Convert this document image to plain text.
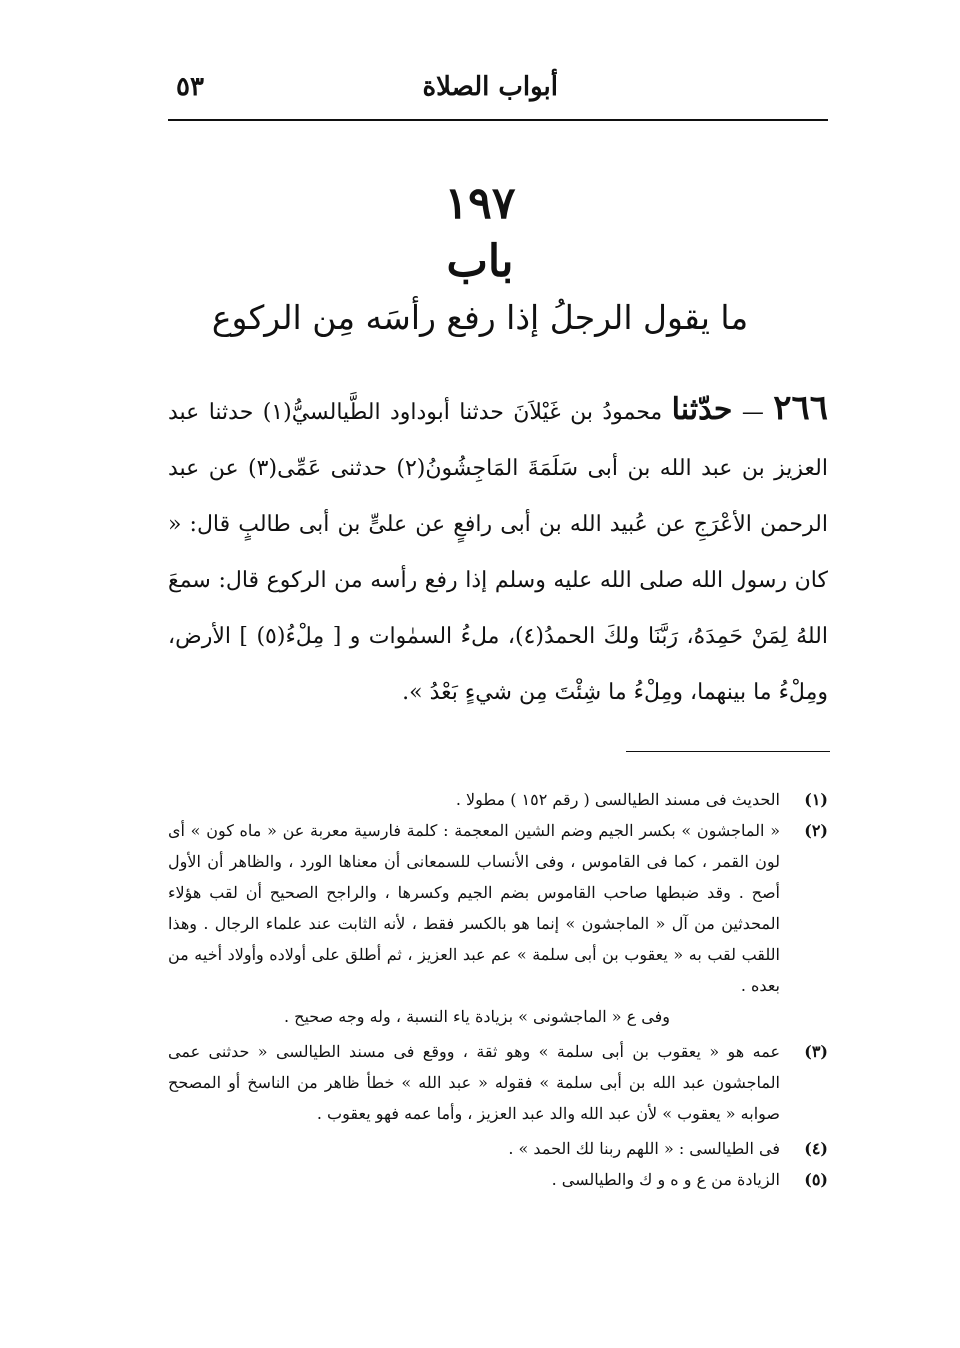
أبواب الصلاة
٥٣
١٩٧
باب
ما يقول الرجلُ إذا رفع رأسَه مِن الركوع
٢٦٦ — حدّثنا محمودُ بن غَيْلاَنَ حدثنا أبوداود الطَّيالسيُّ(١) حدثنا عبد العزيز بن عبد الله بن أبى سَلَمَةَ المَاجِشُونُ(٢) حدثنى عَمِّى(٣) عن عبد الرحمن الأعْرَجِ عن عُبيد الله بن أبى رافعٍ عن علىٍّ بن أبى طالبٍ قال: « كان رسول الله صلى الله عليه وسلم إذا رفع رأسه من الركوع قال: سمعَ اللهُ لِمَنْ حَمِدَهُ، رَبَّنَا ولكَ الحمدُ(٤)، ملءُ السمٰوات و [ مِلْءُ(٥) ] الأرض، ومِلْءُ ما بينهما، ومِلْءُ ما شِئْتَ مِن شيءٍ بَعْدُ ».
(١)
الحديث فى مسند الطيالسى ( رقم ١٥٢ ) مطولا .
(٢)
« الماجشون » بكسر الجيم وضم الشين المعجمة : كلمة فارسية معربة عن « ماه كون » أى لون القمر ، كما فى القاموس ، وفى الأنساب للسمعانى أن معناها الورد ، والظاهر أن الأول أصح . وقد ضبطها صاحب القاموس بضم الجيم وكسرها ، والراجح الصحيح أن لقب هؤلاء المحدثين من آل « الماجشون » إنما هو بالكسر فقط ، لأنه الثابت عند علماء الرجال . وهذا اللقب لقب به « يعقوب بن أبى سلمة » عم عبد العزيز ، ثم أطلق على أولاده وأولاد أخيه من بعده .
وفى ع « الماجشونى » بزيادة ياء النسبة ، وله وجه صحيح .
(٣)
عمه هو « يعقوب بن أبى سلمة » وهو ثقة ، ووقع فى مسند الطيالسى « حدثنى عمى الماجشون عبد الله بن أبى سلمة » فقوله « عبد الله » خطأ ظاهر من الناسخ أو المصحح صوابه « يعقوب » لأن عبد الله والد عبد العزيز ، وأما عمه فهو يعقوب .
(٤)
فى الطيالسى : « اللهم ربنا لك الحمد » .
(٥)
الزيادة من ع و ه و ك والطيالسى .
